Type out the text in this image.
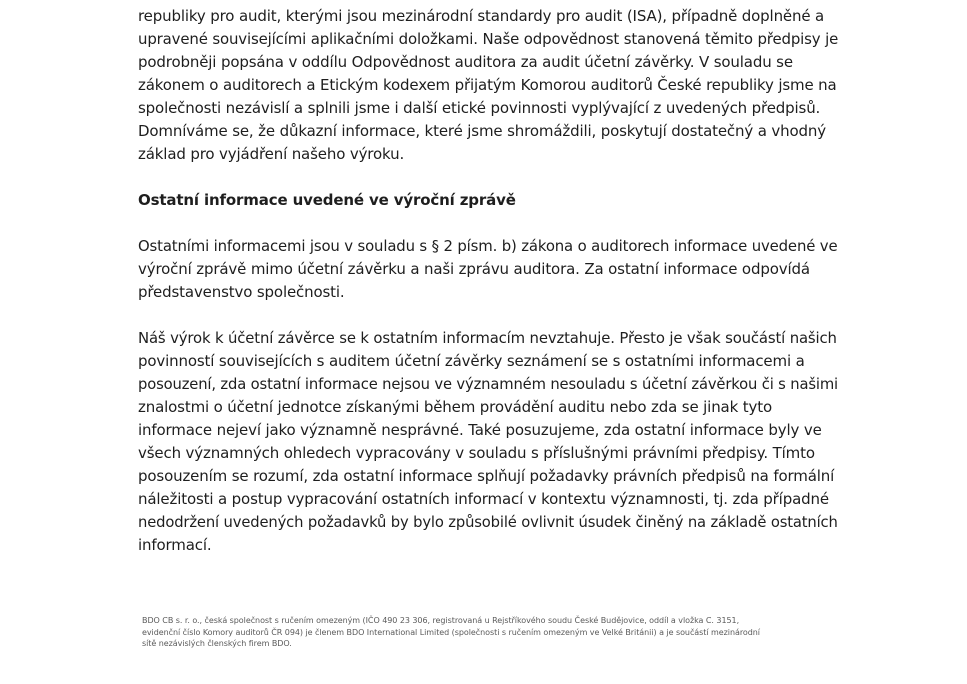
republiky pro audit, kterými jsou mezinárodní standardy pro audit (ISA), případně doplněné a
upravené souvisejícími aplikačními doložkami. Naše odpovědnost stanovená těmito předpisy je
podrobněji popsána v oddílu Odpovědnost auditora za audit účetní závěrky. V souladu se
zákonem o auditorech a Etickým kodexem přijatým Komorou auditorů České republiky jsme na
společnosti nezávislí a splnili jsme i další etické povinnosti vyplývající z uvedených předpisů.
Domníváme se, že důkazní informace, které jsme shromáždili, poskytují dostatečný a vhodný
základ pro vyjádření našeho výroku.
Ostatní informace uvedené ve výroční zprávě
Ostatními informacemi jsou v souladu s § 2 písm. b) zákona o auditorech informace uvedené ve
výroční zprávě mimo účetní závěrku a naši zprávu auditora. Za ostatní informace odpovídá
představenstvo společnosti.
Náš výrok k účetní závěrce se k ostatním informacím nevztahuje. Přesto je však součástí našich
povinností souvisejících s auditem účetní závěrky seznámení se s ostatními informacemi a
posouzení, zda ostatní informace nejsou ve významném nesouladu s účetní závěrkou či s našimi
znalostmi o účetní jednotce získanými během provádění auditu nebo zda se jinak tyto
informace nejeví jako významně nesprávné. Také posuzujeme, zda ostatní informace byly ve
všech významných ohledech vypracovány v souladu s příslušnými právními předpisy. Tímto
posouzením se rozumí, zda ostatní informace splňují požadavky právních předpisů na formální
náležitosti a postup vypracování ostatních informací v kontextu významnosti, tj. zda případné
nedodržení uvedených požadavků by bylo způsobilé ovlivnit úsudek činěný na základě ostatních
informací.
BDO CB s. r. o., česká společnost s ručením omezeným (IČO 490 23 306, registrovaná u Rejstříkového soudu České Budějovice, oddíl a vložka C. 3151,
evidenční číslo Komory auditorů ČR 094) je členem BDO International Limited (společnosti s ručením omezeným ve Velké Británii) a je součástí mezinárodní
sítě nezávislých členských firem BDO.
